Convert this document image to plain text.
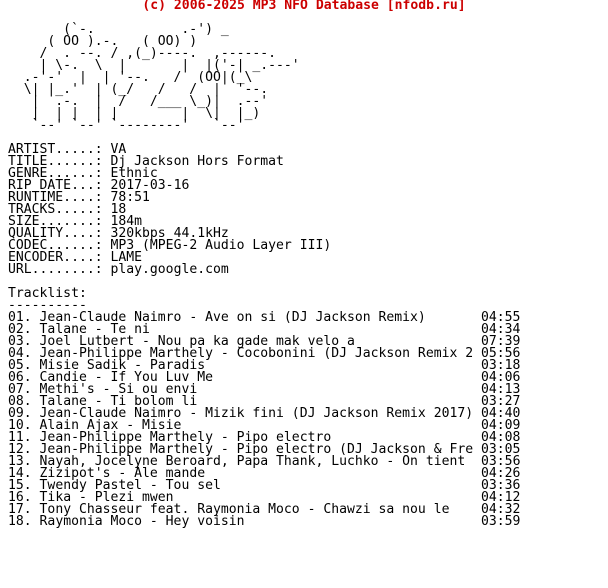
(c) 2006-2025 MP3 NFO Database [nfodb.ru]

(`-.           .-') _
( OO ).-.   ( OO) )
/  . --. / ,(_)----.  ,------.
| \-.  \  |       |  |('-| _.---'
.-'-'  |  | '--.   /  (OO|(_\
\| |_.'  | (_/   /   /  |  '--.
|  .-.  |  /   /___ \_)|  .--'
|  | |  | |        |  \|  |_)
`--' `--' `--------'   `--'

ARTIST.....: VA
TITLE......: Dj Jackson Hors Format
GENRE......: Ethnic
RIP DATE...: 2017-03-16
RUNTIME....: 78:51
TRACKS.....: 18
SIZE.......: 184m
QUALITY....: 320kbps 44.1kHz
CODEC......: MP3 (MPEG-2 Audio Layer III)
ENCODER....: LAME
URL........: play.google.com

Tracklist:
----------
01. Jean-Claude Naimro - Ave on si (DJ Jackson Remix)	04:55
02. Talane - Te ni	04:34
03. Joel Lutbert - Nou pa ka gade mak velo a	07:39
04. Jean-Philippe Marthely - Cocobonini (DJ Jackson Remix 2 05:56
05. Misie Sadik - Paradis	03:18
06. Candie - If You Luv Me	04:06
07. Methi's - Si ou envi	04:13
08. Talane - Ti bolom li	03:27
09. Jean-Claude Naimro - Mizik fini (DJ Jackson Remix 2017) 04:40
10. Alain Ajax - Misie	04:09
11. Jean-Philippe Marthely - Pipo electro	04:08
12. Jean-Philippe Marthely - Pipo electro (DJ Jackson & Fre 03:05
13. Nayah, Jocelyne Beroard, Papa Thank, Luchko - On tient 03:56
14. Zizipot's - Ale mande	04:26
15. Twendy Pastel - Tou sel	03:36
16. Tika - Plezi mwen	04:12
17. Tony Chasseur feat. Raymonia Moco - Chawzi sa nou le 04:32
18. Raymonia Moco - Hey voisin	03:59
